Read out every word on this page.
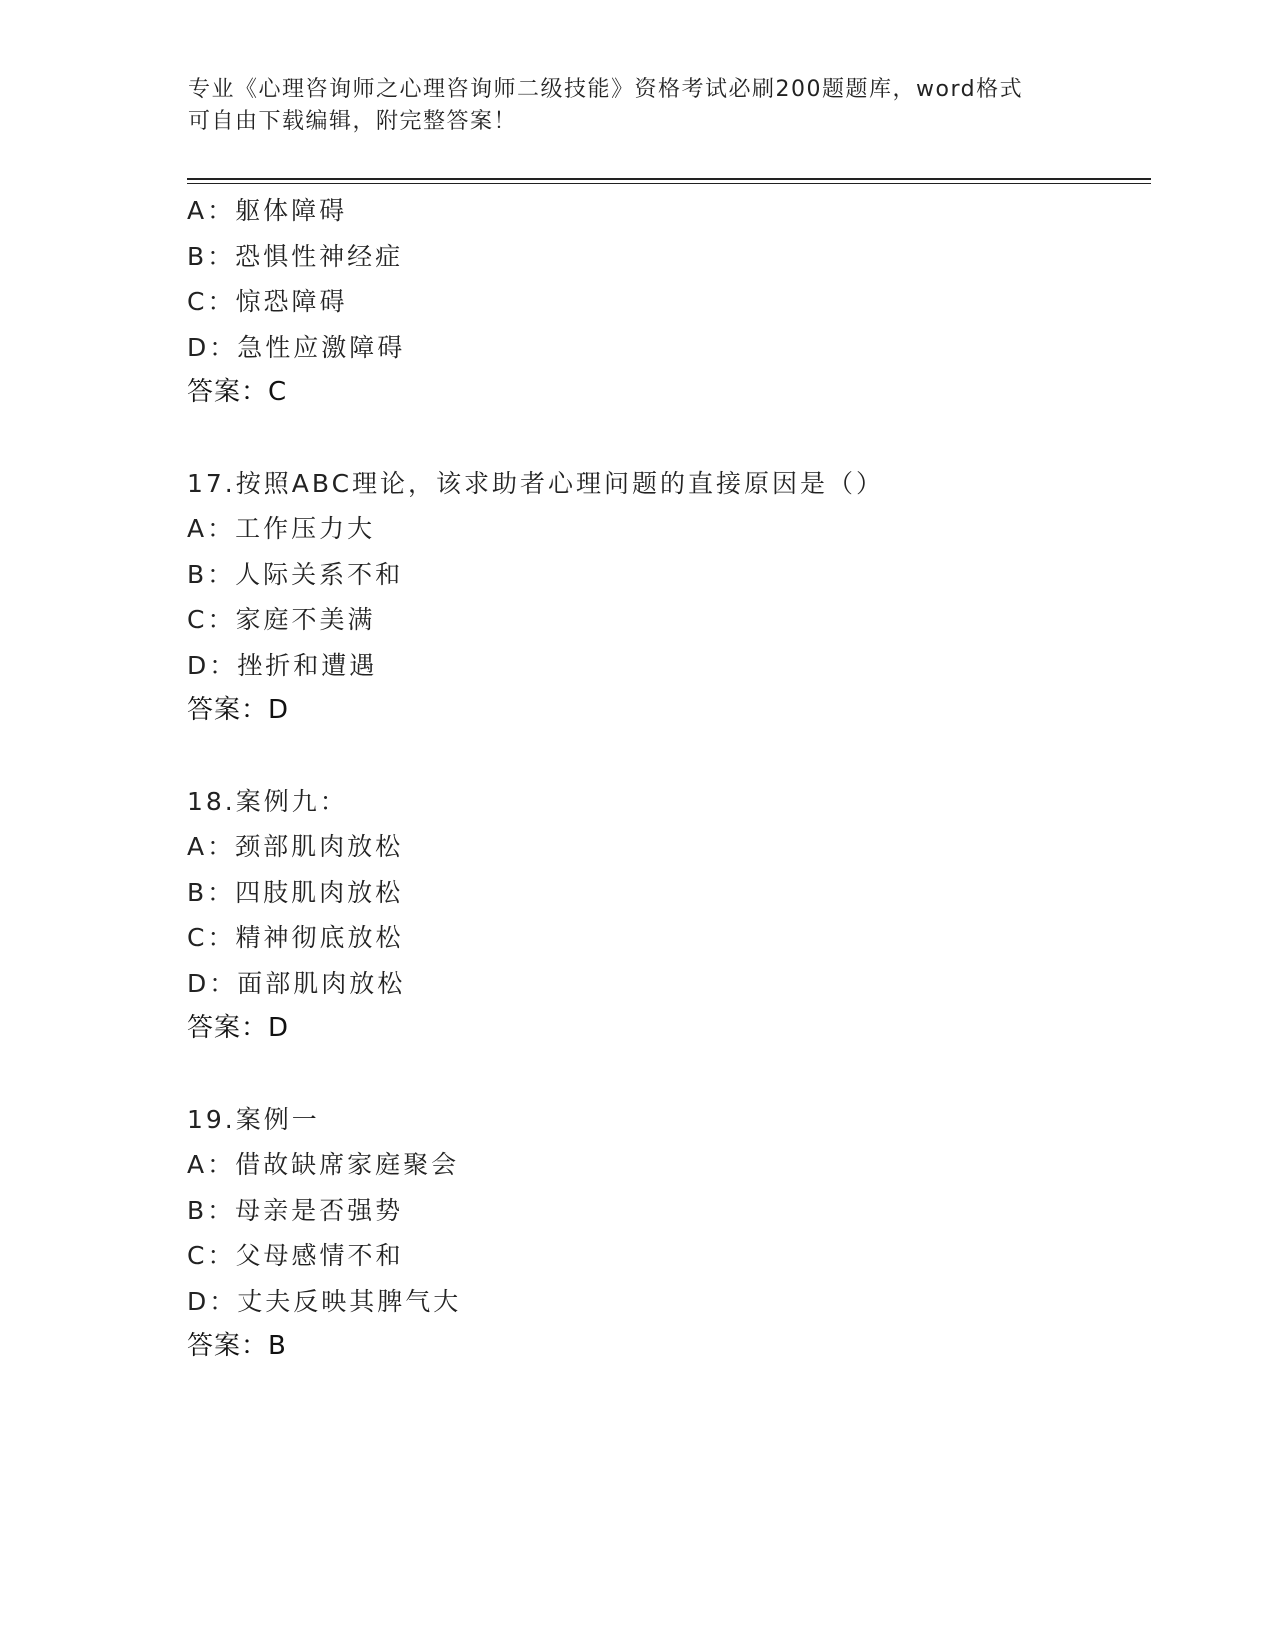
专业《心理咨询师之心理咨询师二级技能》资格考试必刷200题题库，word格式
可自由下载编辑，附完整答案！
A：躯体障碍
B：恐惧性神经症
C：惊恐障碍
D：急性应激障碍
答案：C
17.按照ABC理论，该求助者心理问题的直接原因是（）
A：工作压力大
B：人际关系不和
C：家庭不美满
D：挫折和遭遇
答案：D
18.案例九：
A：颈部肌肉放松
B：四肢肌肉放松
C：精神彻底放松
D：面部肌肉放松
答案：D
19.案例一
A：借故缺席家庭聚会
B：母亲是否强势
C：父母感情不和
D：丈夫反映其脾气大
答案：B
